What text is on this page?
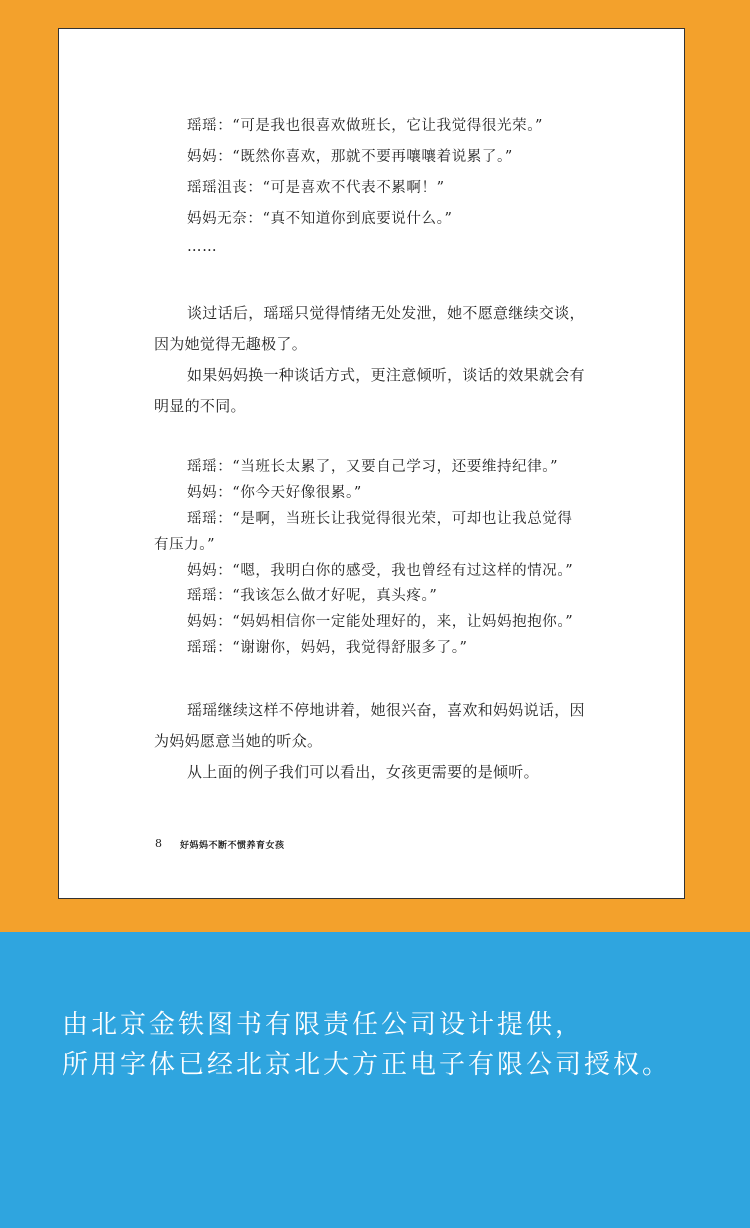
瑶瑶：“可是我也很喜欢做班长，它让我觉得很光荣。”
妈妈：“既然你喜欢，那就不要再嚷嚷着说累了。”
瑶瑶沮丧：“可是喜欢不代表不累啊！”
妈妈无奈：“真不知道你到底要说什么。”
……
谈过话后，瑶瑶只觉得情绪无处发泄，她不愿意继续交谈，
因为她觉得无趣极了。
如果妈妈换一种谈话方式，更注意倾听，谈话的效果就会有
明显的不同。
瑶瑶：“当班长太累了，又要自己学习，还要维持纪律。”
妈妈：“你今天好像很累。”
瑶瑶：“是啊，当班长让我觉得很光荣，可却也让我总觉得
有压力。”
妈妈：“嗯，我明白你的感受，我也曾经有过这样的情况。”
瑶瑶：“我该怎么做才好呢，真头疼。”
妈妈：“妈妈相信你一定能处理好的，来，让妈妈抱抱你。”
瑶瑶：“谢谢你，妈妈，我觉得舒服多了。”
瑶瑶继续这样不停地讲着，她很兴奋，喜欢和妈妈说话，因
为妈妈愿意当她的听众。
从上面的例子我们可以看出，女孩更需要的是倾听。
8 好妈妈不断不惯养育女孩
由北京金铁图书有限责任公司设计提供，
所用字体已经北京北大方正电子有限公司授权。
